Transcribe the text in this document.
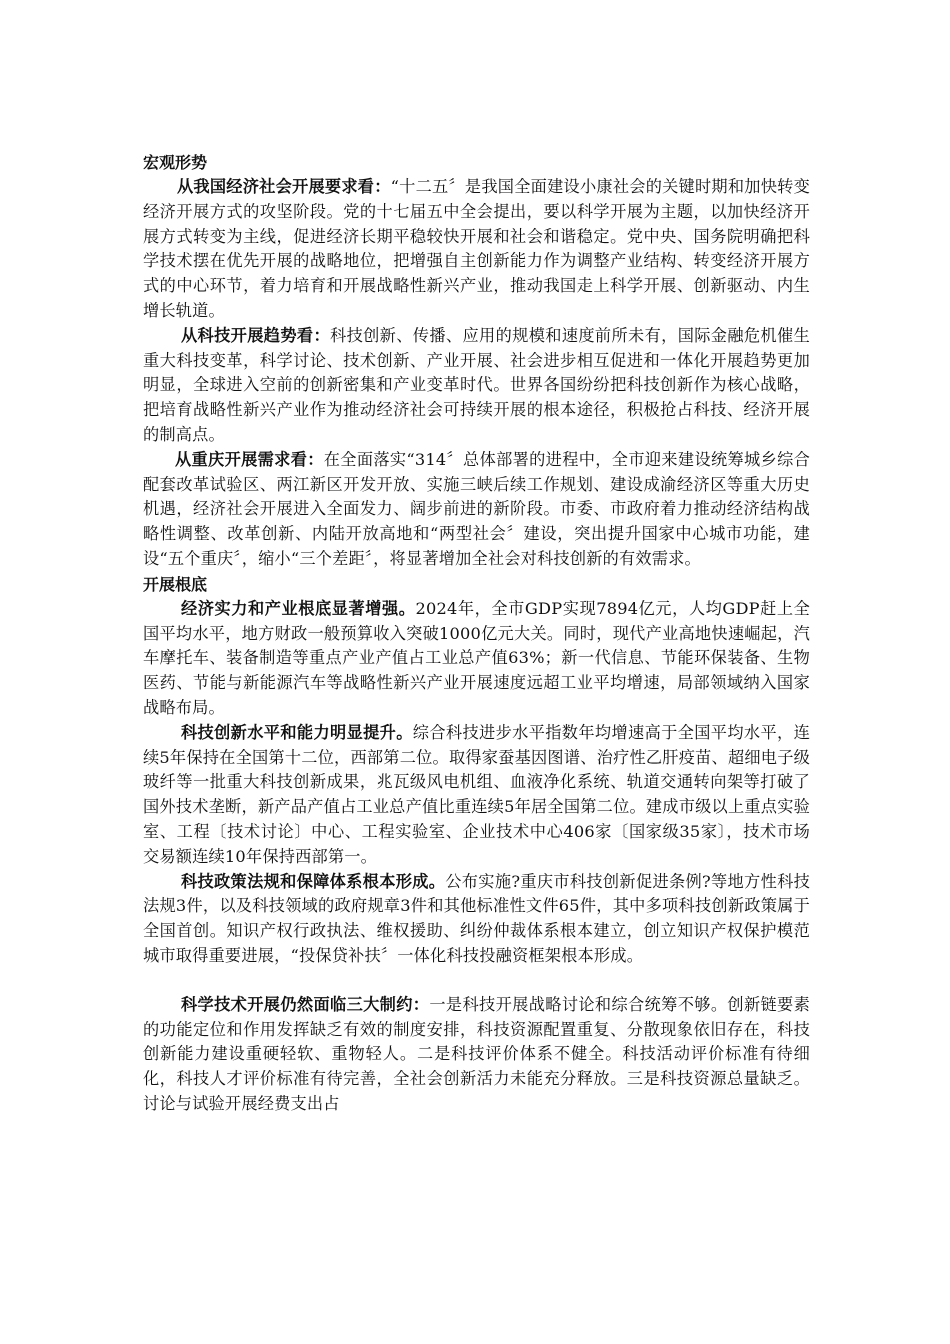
宏观形势

从我国经济社会开展要求看：“十二五〞是我国全面建设小康社会的关键时期和加快转变经济开展方式的攻坚阶段。党的十七届五中全会提出，要以科学开展为主题，以加快经济开展方式转变为主线，促进经济长期平稳较快开展和社会和谐稳定。党中央、国务院明确把科学技术摆在优先开展的战略地位，把增强自主创新能力作为调整产业结构、转变经济开展方式的中心环节，着力培育和开展战略性新兴产业，推动我国走上科学开展、创新驱动、内生增长轨道。

从科技开展趋势看：科技创新、传播、应用的规模和速度前所未有，国际金融危机催生重大科技变革，科学讨论、技术创新、产业开展、社会进步相互促进和一体化开展趋势更加明显，全球进入空前的创新密集和产业变革时代。世界各国纷纷把科技创新作为核心战略，把培育战略性新兴产业作为推动经济社会可持续开展的根本途径，积极抢占科技、经济开展的制高点。

从重庆开展需求看：在全面落实“314〞总体部署的进程中，全市迎来建设统筹城乡综合配套改革试验区、两江新区开发开放、实施三峡后续工作规划、建设成渝经济区等重大历史机遇，经济社会开展进入全面发力、阔步前进的新阶段。市委、市政府着力推动经济结构战略性调整、改革创新、内陆开放高地和“两型社会〞建设，突出提升国家中心城市功能，建设“五个重庆〞，缩小“三个差距〞，将显著增加全社会对科技创新的有效需求。

开展根底

经济实力和产业根底显著增强。2024年，全市GDP实现7894亿元，人均GDP赶上全国平均水平，地方财政一般预算收入突破1000亿元大关。同时，现代产业高地快速崛起，汽车摩托车、装备制造等重点产业产值占工业总产值63%；新一代信息、节能环保装备、生物医药、节能与新能源汽车等战略性新兴产业开展速度远超工业平均增速，局部领域纳入国家战略布局。

科技创新水平和能力明显提升。综合科技进步水平指数年均增速高于全国平均水平，连续5年保持在全国第十二位，西部第二位。取得家蚕基因图谱、治疗性乙肝疫苗、超细电子级玻纤等一批重大科技创新成果，兆瓦级风电机组、血液净化系统、轨道交通转向架等打破了国外技术垄断，新产品产值占工业总产值比重连续5年居全国第二位。建成市级以上重点实验室、工程〔技术讨论〕中心、工程实验室、企业技术中心406家〔国家级35家〕，技术市场交易额连续10年保持西部第一。

科技政策法规和保障体系根本形成。公布实施?重庆市科技创新促进条例?等地方性科技法规3件，以及科技领域的政府规章3件和其他标准性文件65件，其中多项科技创新政策属于全国首创。知识产权行政执法、维权援助、纠纷仲裁体系根本建立，创立知识产权保护模范城市取得重要进展，“投保贷补扶〞一体化科技投融资框架根本形成。

科学技术开展仍然面临三大制约：一是科技开展战略讨论和综合统筹不够。创新链要素的功能定位和作用发挥缺乏有效的制度安排，科技资源配置重复、分散现象依旧存在，科技创新能力建设重硬轻软、重物轻人。二是科技评价体系不健全。科技活动评价标准有待细化，科技人才评价标准有待完善，全社会创新活力未能充分释放。三是科技资源总量缺乏。讨论与试验开展经费支出占
